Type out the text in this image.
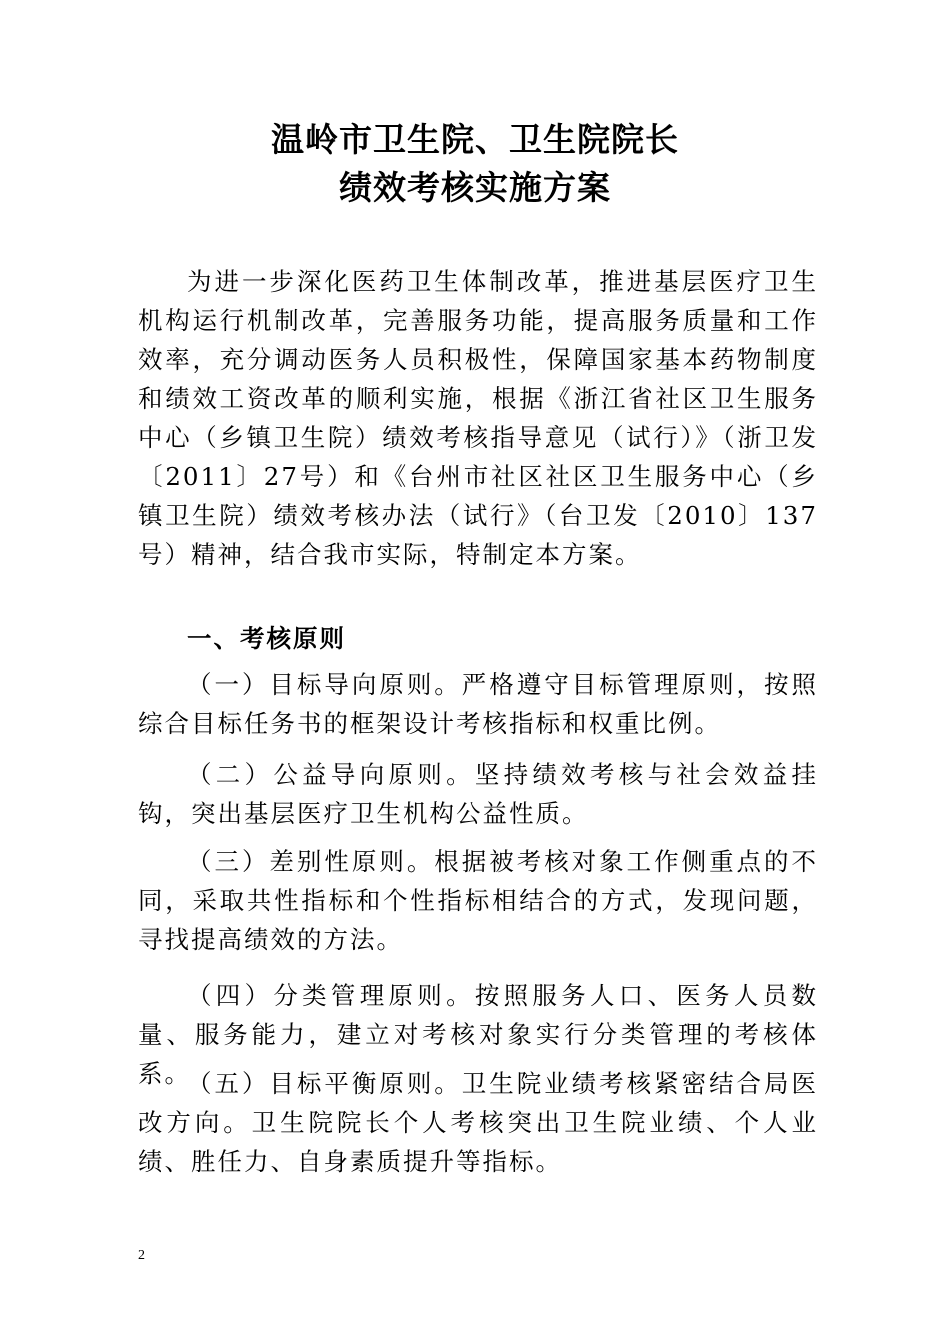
温岭市卫生院、卫生院院长
绩效考核实施方案

为进一步深化医药卫生体制改革，推进基层医疗卫生机构运行机制改革，完善服务功能，提高服务质量和工作效率，充分调动医务人员积极性，保障国家基本药物制度和绩效工资改革的顺利实施，根据《浙江省社区卫生服务中心（乡镇卫生院）绩效考核指导意见（试行）》（浙卫发〔2011〕27号）和《台州市社区社区卫生服务中心（乡镇卫生院）绩效考核办法（试行》（台卫发〔2010〕137号）精神，结合我市实际，特制定本方案。

一、考核原则

（一）目标导向原则。严格遵守目标管理原则，按照综合目标任务书的框架设计考核指标和权重比例。

（二）公益导向原则。坚持绩效考核与社会效益挂钩，突出基层医疗卫生机构公益性质。

（三）差别性原则。根据被考核对象工作侧重点的不同，采取共性指标和个性指标相结合的方式，发现问题，寻找提高绩效的方法。

（四）分类管理原则。按照服务人口、医务人员数量、服务能力，建立对考核对象实行分类管理的考核体系。

（五）目标平衡原则。卫生院业绩考核紧密结合局医改方向。卫生院院长个人考核突出卫生院业绩、个人业绩、胜任力、自身素质提升等指标。

2
